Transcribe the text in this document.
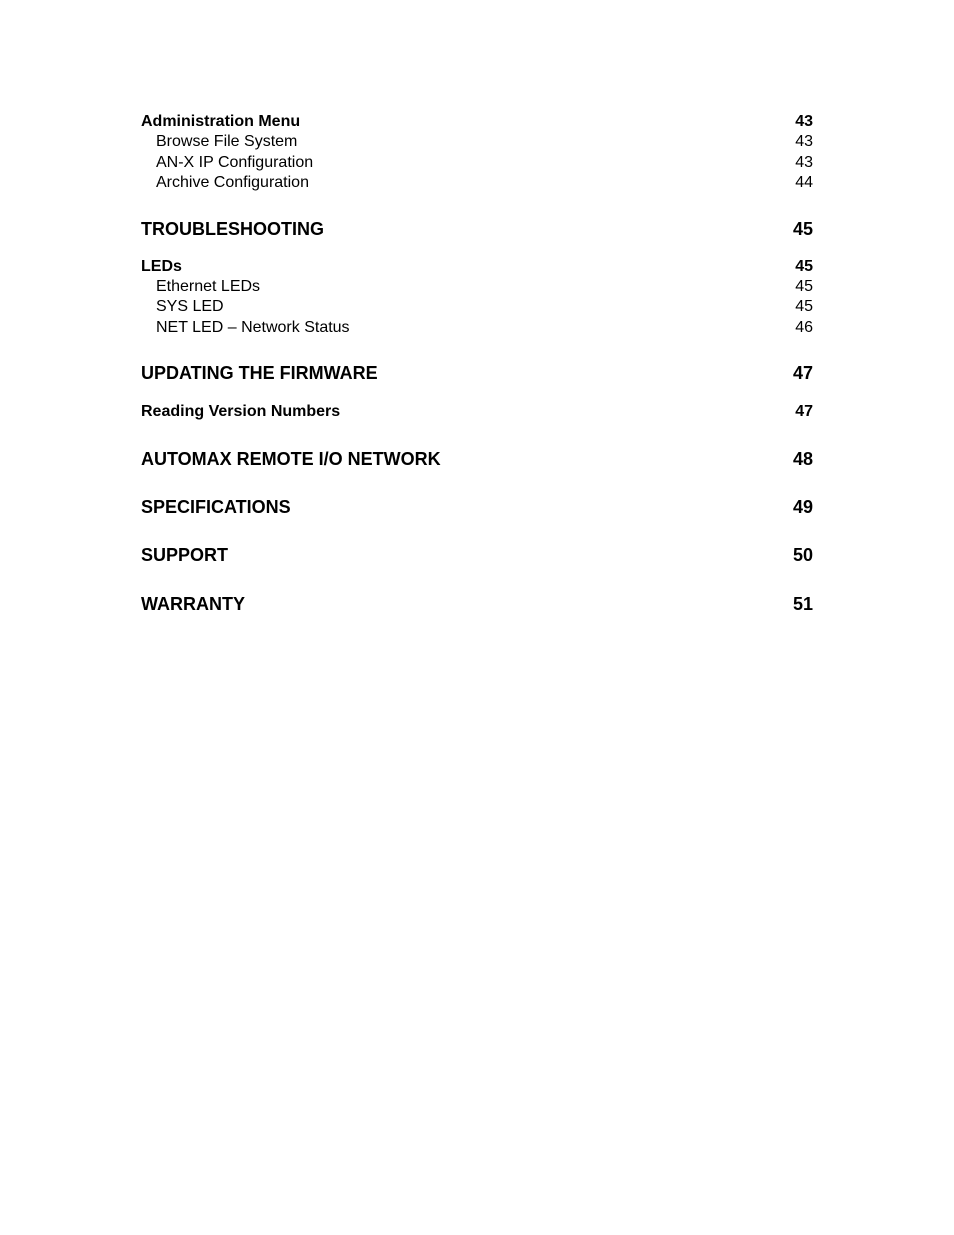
Administration Menu	43
Browse File System	43
AN-X IP Configuration	43
Archive Configuration	44
TROUBLESHOOTING	45
LEDs	45
Ethernet LEDs	45
SYS LED	45
NET LED – Network Status	46
UPDATING THE FIRMWARE	47
Reading Version Numbers	47
AUTOMAX REMOTE I/O NETWORK	48
SPECIFICATIONS	49
SUPPORT	50
WARRANTY	51
